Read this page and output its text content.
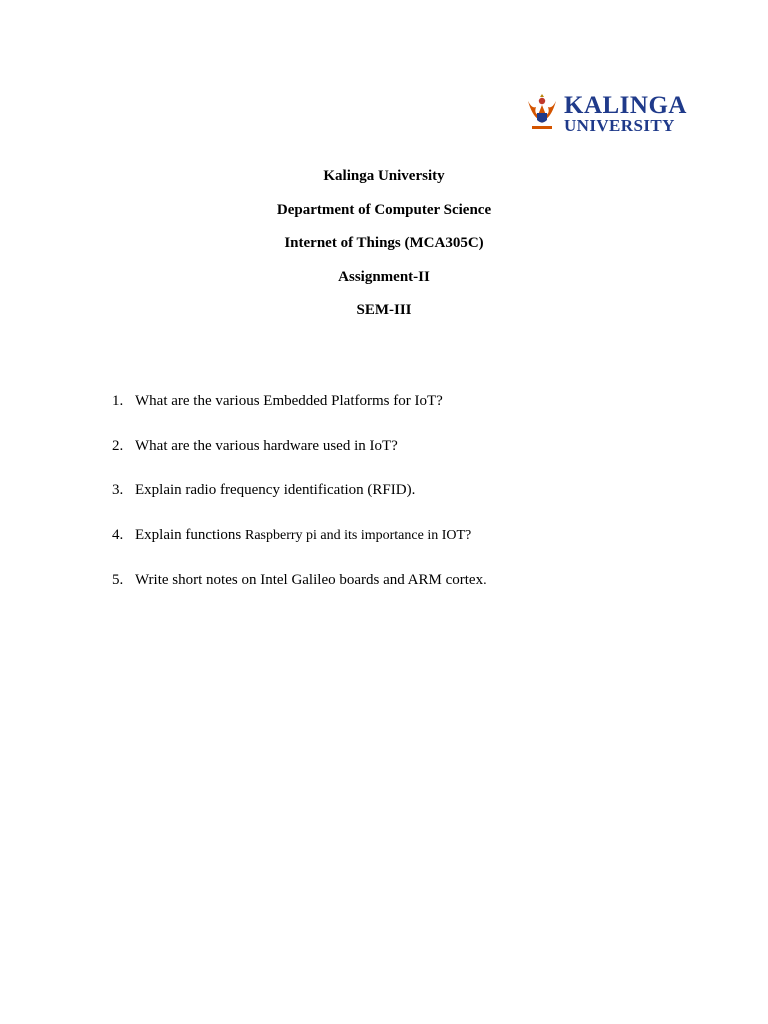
KALINGA
UNIVERSITY
Kalinga University
Department of Computer Science
Internet of Things (MCA305C)
Assignment-II
SEM-III
1. What are the various Embedded Platforms for IoT?
2. What are the various hardware used in IoT?
3. Explain radio frequency identification (RFID).
4. Explain functions Raspberry pi and its importance in IOT?
5. Write short notes on Intel Galileo boards and ARM cortex.
